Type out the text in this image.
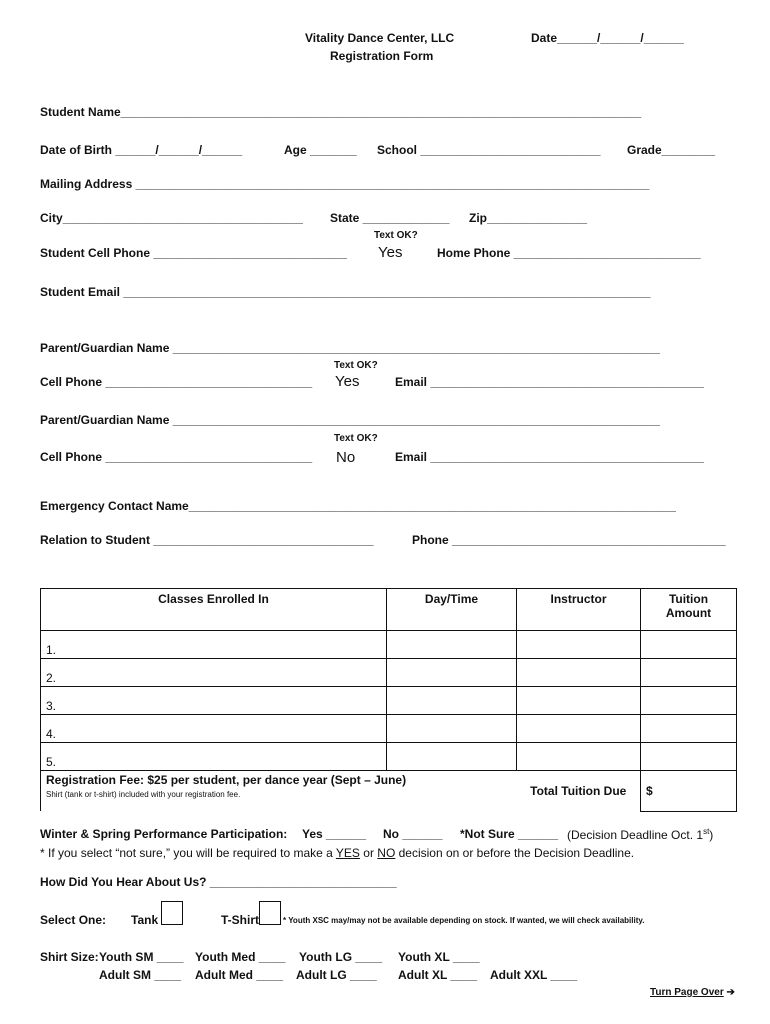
Vitality Dance Center, LLC
Registration Form
Date______/______/______
Student Name______________________________________________________________________________
Date of Birth ______/______/______	Age _______ School ___________________________ Grade________
Mailing Address _____________________________________________________________________________
City____________________________________ State _____________ Zip_______________
Text OK?
Student Cell Phone _____________________________ Yes	Home Phone ____________________________
Student Email _______________________________________________________________________________
Parent/Guardian Name _________________________________________________________________________
Text OK?
Cell Phone _______________________________ Yes	Email _________________________________________
Parent/Guardian Name _________________________________________________________________________
Text OK?
Cell Phone _______________________________ No	Email _________________________________________
Emergency Contact Name_________________________________________________________________________
Relation to Student _________________________________	Phone _________________________________________
Classes Enrolled In	Day/Time	Instructor	Tuition Amount
1.			
2.			
3.			
4.			
5.			

Registration Fee: $25 per student, per dance year (Sept – June)
Shirt (tank or t-shirt) included with your registration fee.		Total Tuition Due	$
Winter & Spring Performance Participation: Yes ______ No ______ *Not Sure ______ (Decision Deadline Oct. 1st)
* If you select “not sure,” you will be required to make a YES or NO decision on or before the Decision Deadline.
How Did You Hear About Us? ____________________________
Select One: Tank	T-Shirt	* Youth XSC may/may not be available depending on stock. If wanted, we will check availability.
Shirt Size: Youth SM ____ Youth Med ____ Youth LG ____ Youth XL ____
Adult SM ____ Adult Med ____ Adult LG ____ Adult XL ____ Adult XXL ____
Turn Page Over ➔
